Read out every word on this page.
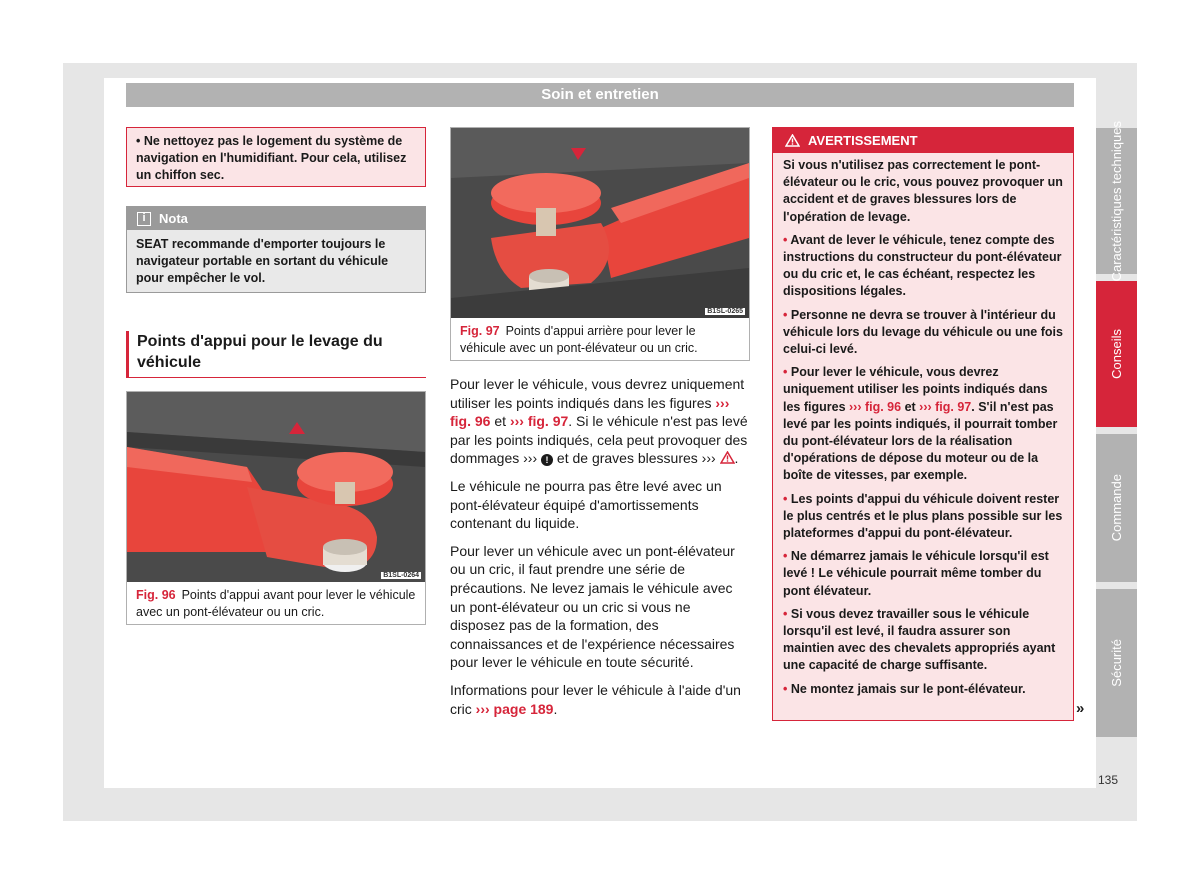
Soin et entretien
Caractéristiques techniques
Conseils
Commande
Sécurité
135
• Ne nettoyez pas le logement du système de navigation en l'humidifiant. Pour cela, utilisez un chiffon sec.
i	Nota
SEAT recommande d'emporter toujours le navigateur portable en sortant du véhicule pour empêcher le vol.
Points d'appui pour le levage du véhicule
B1SL-0264
Fig. 96 Points d'appui avant pour lever le véhicule avec un pont-élévateur ou un cric.
B1SL-0265
Fig. 97 Points d'appui arrière pour lever le véhicule avec un pont-élévateur ou un cric.

Pour lever le véhicule, vous devrez uniquement utiliser les points indiqués dans les figures ››› fig. 96 et ››› fig. 97. Si le véhicule n'est pas levé par les points indiqués, cela peut provoquer des dommages ››› ! et de graves blessures ››› .

Le véhicule ne pourra pas être levé avec un pont-élévateur équipé d'amortissements contenant du liquide.

Pour lever un véhicule avec un pont-élévateur ou un cric, il faut prendre une série de précautions. Ne levez jamais le véhicule avec un pont-élévateur ou un cric si vous ne disposez pas de la formation, des connaissances et de l'expérience nécessaires pour lever le véhicule en toute sécurité.

Informations pour lever le véhicule à l'aide d'un cric ››› page 189.

AVERTISSEMENT

Si vous n'utilisez pas correctement le pont-élévateur ou le cric, vous pouvez provoquer un accident et de graves blessures lors de l'opération de levage.

• Avant de lever le véhicule, tenez compte des instructions du constructeur du pont-élévateur ou du cric et, le cas échéant, respectez les dispositions légales.

• Personne ne devra se trouver à l'intérieur du véhicule lors du levage du véhicule ou une fois celui-ci levé.

• Pour lever le véhicule, vous devrez uniquement utiliser les points indiqués dans les figures ››› fig. 96 et ››› fig. 97. S'il n'est pas levé par les points indiqués, il pourrait tomber du pont-élévateur lors de la réalisation d'opérations de dépose du moteur ou de la boîte de vitesses, par exemple.

• Les points d'appui du véhicule doivent rester le plus centrés et le plus plans possible sur les plateformes d'appui du pont-élévateur.

• Ne démarrez jamais le véhicule lorsqu'il est levé ! Le véhicule pourrait même tomber du pont élévateur.

• Si vous devez travailler sous le véhicule lorsqu'il est levé, il faudra assurer son maintien avec des chevalets appropriés ayant une capacité de charge suffisante.

• Ne montez jamais sur le pont-élévateur.

»
